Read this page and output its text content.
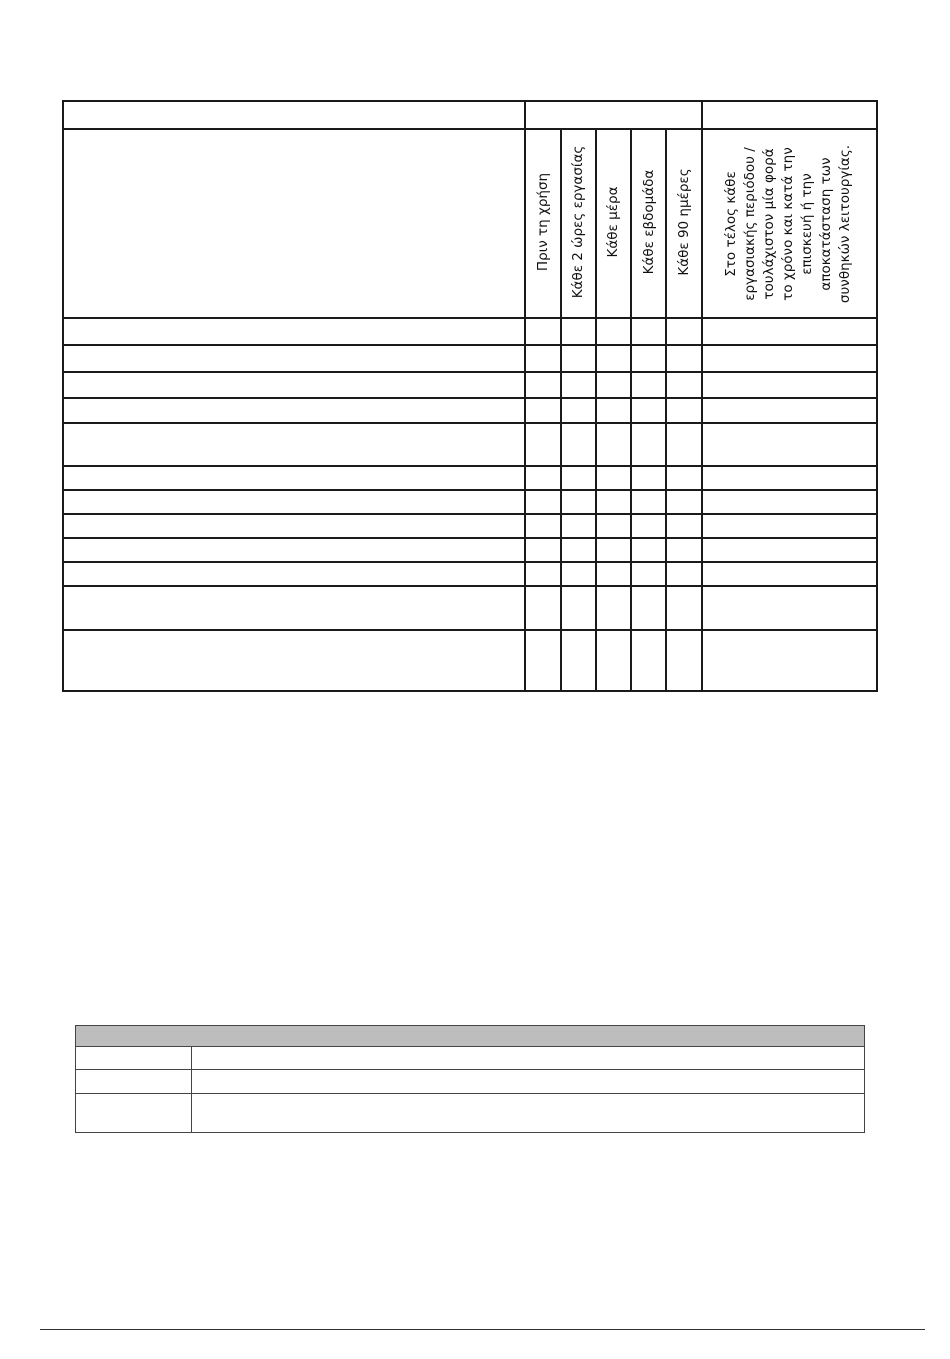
Πριν τη χρήση Κάθε 2 ώρες εργασίας Κάθε μέρα Κάθε εβδομάδα Κάθε 90 ημέρες Στο τέλος κάθε εργασιακής περιόδου / τουλάχιστον μία φορά το χρόνο και κατά την επισκευή ή την αποκατάσταση των συνθηκών λειτουργίας.
